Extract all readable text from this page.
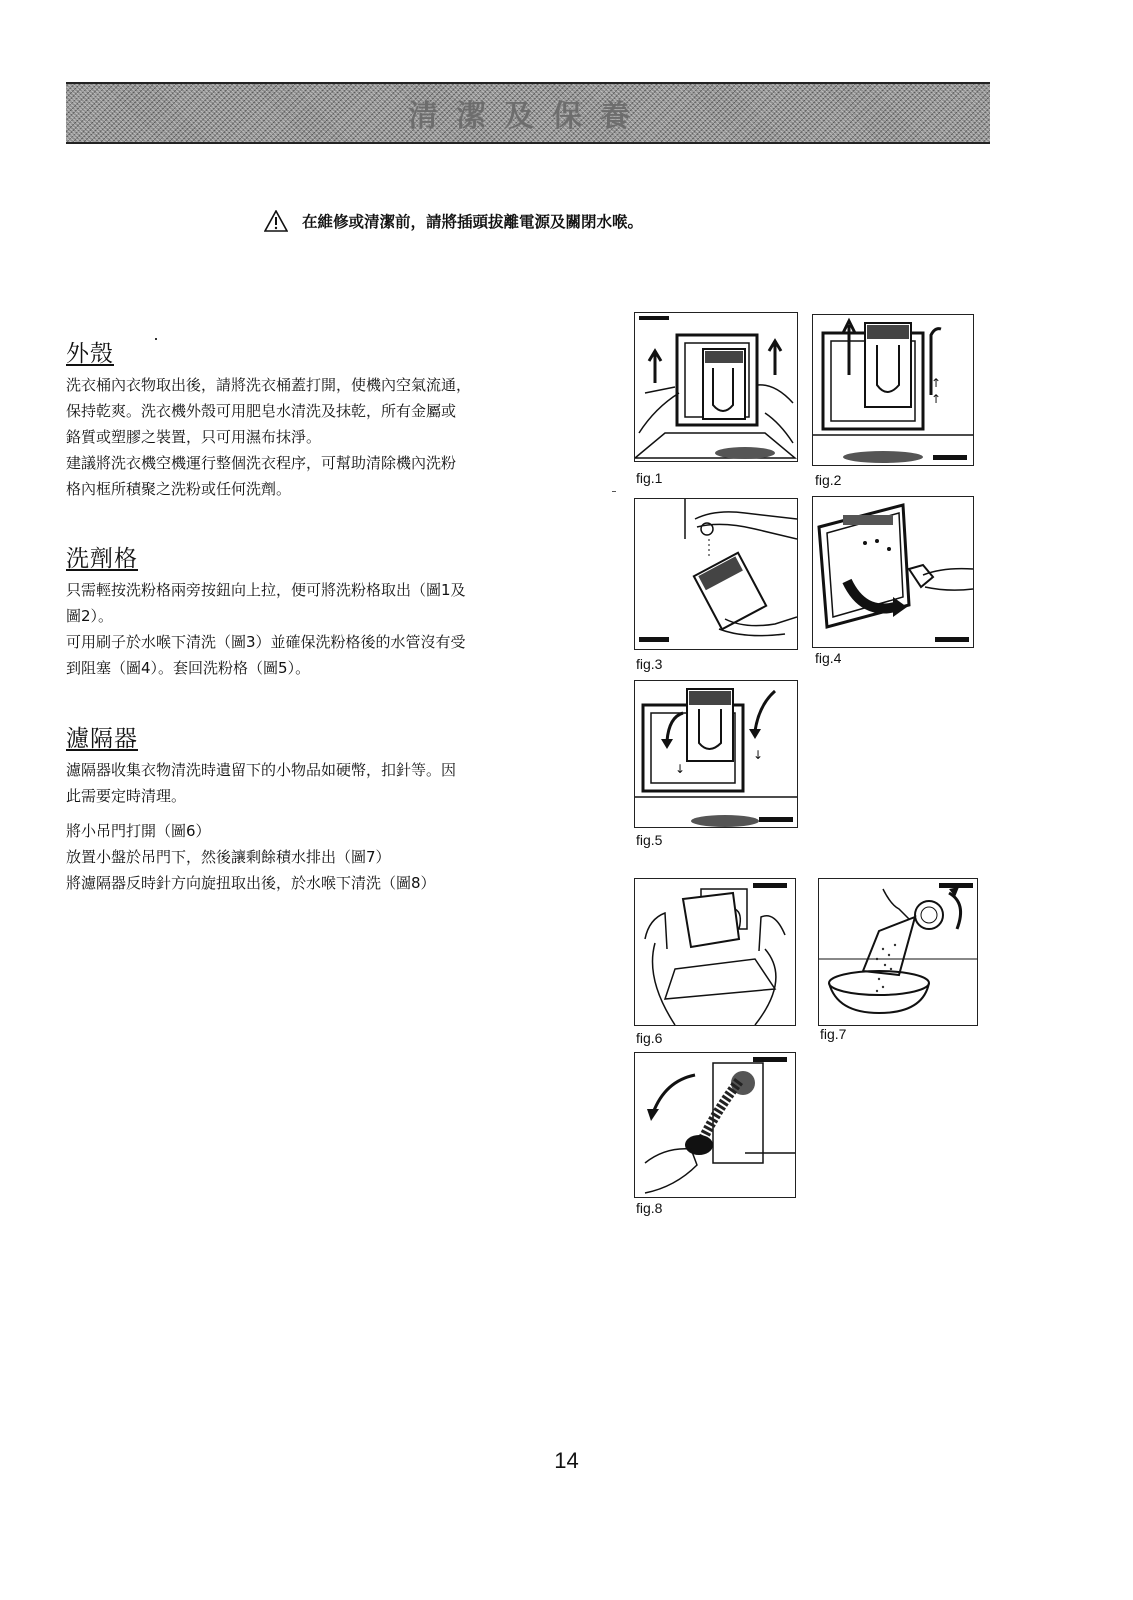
清潔及保養
在維修或清潔前，請將插頭拔離電源及關閉水喉。
外殼

洗衣桶內衣物取出後，請將洗衣桶蓋打開，使機內空氣流通，

保持乾爽。洗衣機外殼可用肥皂水清洗及抹乾，所有金屬或

鉻質或塑膠之裝置，只可用濕布抹淨。

建議將洗衣機空機運行整個洗衣程序，可幫助清除機內洗粉

格內框所積聚之洗粉或任何洗劑。

洗劑格

只需輕按洗粉格兩旁按鈕向上拉，便可將洗粉格取出（圖1及

圖2）。

可用刷子於水喉下清洗（圖3）並確保洗粉格後的水管沒有受

到阻塞（圖4）。套回洗粉格（圖5）。

濾隔器

濾隔器收集衣物清洗時遺留下的小物品如硬幣，扣針等。因

此需要定時清理。

將小吊門打開（圖6）

放置小盤於吊門下，然後讓剩餘積水排出（圖7）

將濾隔器反時針方向旋扭取出後，於水喉下清洗（圖8）

fig.1
↑
↑
fig.2
fig.3	fig.4
↓
↓
fig.5
fig.6	fig.7
fig.8
14
